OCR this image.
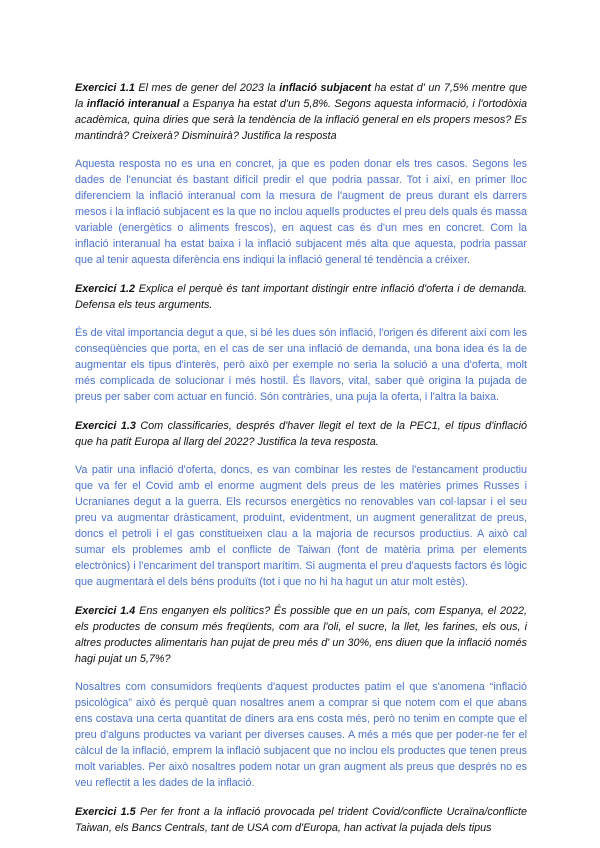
Exercici 1.1 El mes de gener del 2023 la inflació subjacent ha estat d' un 7,5% mentre que la inflació interanual a Espanya ha estat d'un 5,8%. Segons aquesta informació, i l'ortodòxia acadèmica, quina diries que serà la tendència de la inflació general en els propers mesos? Es mantindrà? Creixerà? Disminuirà? Justifica la resposta

Aquesta resposta no es una en concret, ja que es poden donar els tres casos. Segons les dades de l'enunciat és bastant difícil predir el que podria passar. Tot i així, en primer lloc diferenciem la inflació interanual com la mesura de l'augment de preus durant els darrers mesos i la inflació subjacent es la que no inclou aquells productes el preu dels quals és massa variable (energètics o aliments frescos), en aquest cas és d'un mes en concret. Com la inflació interanual ha estat baixa i la inflació subjacent més alta que aquesta, podria passar que al tenir aquesta diferència ens indiqui la inflació general té tendència a créixer.

Exercici 1.2 Explica el perquè és tant important distingir entre inflació d'oferta i de demanda. Defensa els teus arguments.

És de vital importancia degut a que, si bé les dues són inflació, l'origen és diferent així com les conseqüències que porta, en el cas de ser una inflació de demanda, una bona idea és la de augmentar els tipus d'interès, però això per exemple no seria la solució a una d'oferta, molt més complicada de solucionar i més hostil. És llavors, vital, saber què origina la pujada de preus per saber com actuar en funció. Són contràries, una puja la oferta, i l'altra la baixa.

Exercici 1.3 Com classificaries, després d'haver llegit el text de la PEC1, el tipus d'inflació que ha patit Europa al llarg del 2022? Justifica la teva resposta.

Va patir una inflació d'oferta, doncs, es van combinar les restes de l'estancament productiu que va fer el Covid amb el enorme augment dels preus de les matèries primes Russes i Ucranianes degut a la guerra. Els recursos energètics no renovables van col·lapsar i el seu preu va augmentar dràsticament, produint, evidentment, un augment generalitzat de preus, doncs el petroli i el gas constitueixen clau a la majoria de recursos productius. A això cal sumar els problemes amb el conflicte de Taiwan (font de matèria prima per elements electrònics) i l'encariment del transport marítim. Si augmenta el preu d'aquests factors és lògic que augmentarà el dels béns produïts (tot i que no hi ha hagut un atur molt estès).

Exercici 1.4 Ens enganyen els polítics? És possible que en un país, com Espanya, el 2022, els productes de consum més freqüents, com ara l'oli, el sucre, la llet, les farines, els ous, i altres productes alimentaris han pujat de preu més d' un 30%, ens diuen que la inflació només hagi pujat un 5,7%?

Nosaltres com consumidors freqüents d'aquest productes patim el que s'anomena “inflació psicològica” això és perquè quan nosaltres anem a comprar si que notem com el que abans ens costava una certa quantitat de diners ara ens costa més, però no tenim en compte que el preu d'alguns productes va variant per diverses causes. A més a més que per poder-ne fer el càlcul de la inflació, emprem la inflació subjacent que no inclou els productes que tenen preus molt variables. Per això nosaltres podem notar un gran augment als preus que després no es veu reflectit a les dades de la inflació.

Exercici 1.5 Per fer front a la inflació provocada pel trident Covid/conflicte Ucraïna/conflicte Taiwan, els Bancs Centrals, tant de USA com d'Europa, han activat la pujada dels tipus
